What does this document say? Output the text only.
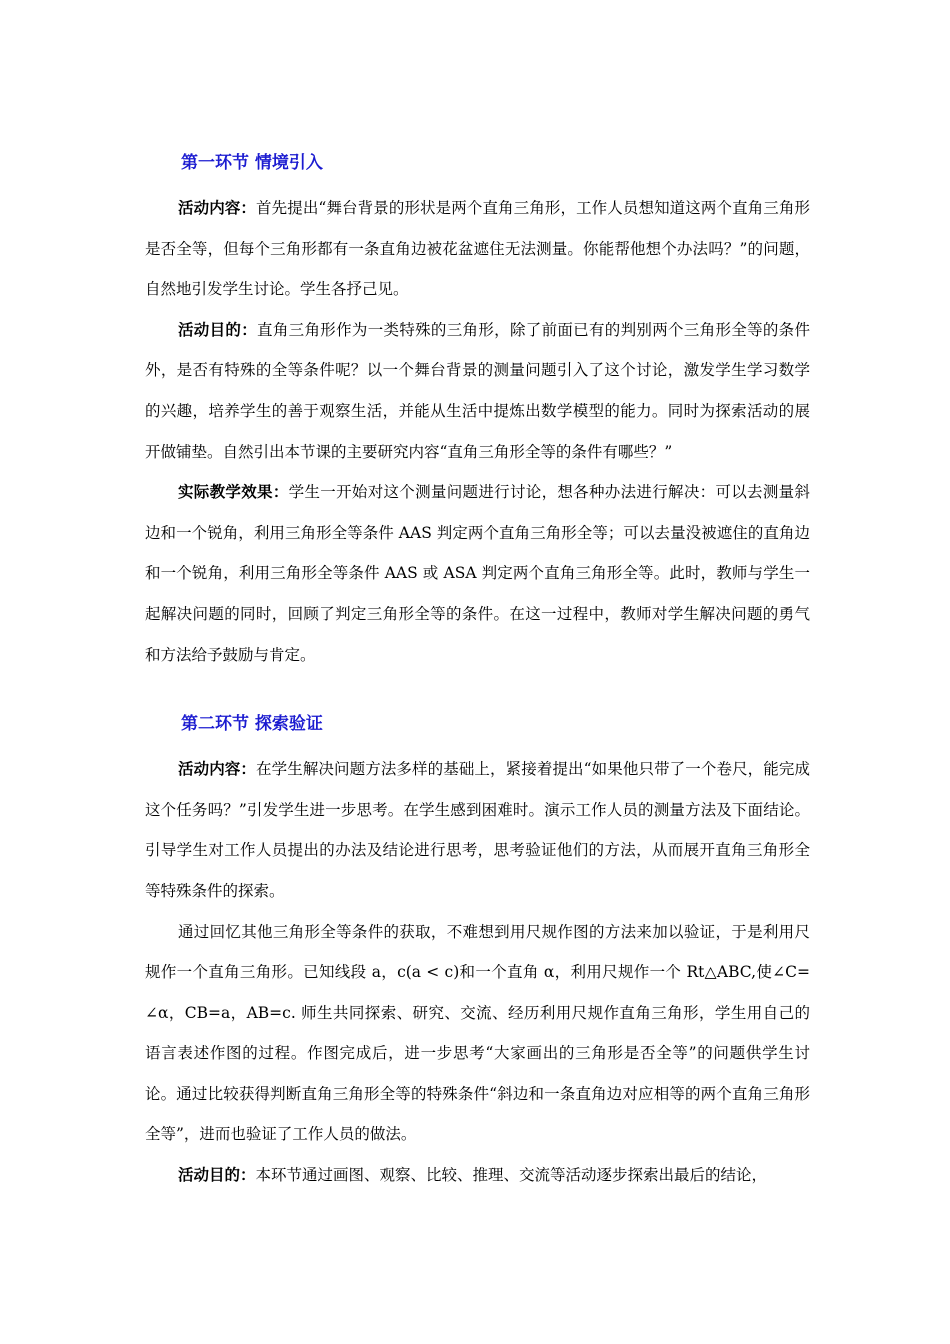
第一环节 情境引入

活动内容：首先提出“舞台背景的形状是两个直角三角形，工作人员想知道这两个直角三角形是否全等，但每个三角形都有一条直角边被花盆遮住无法测量。你能帮他想个办法吗？”的问题，自然地引发学生讨论。学生各抒己见。

活动目的：直角三角形作为一类特殊的三角形，除了前面已有的判别两个三角形全等的条件外，是否有特殊的全等条件呢？以一个舞台背景的测量问题引入了这个讨论，激发学生学习数学的兴趣，培养学生的善于观察生活，并能从生活中提炼出数学模型的能力。同时为探索活动的展开做铺垫。自然引出本节课的主要研究内容“直角三角形全等的条件有哪些？”

实际教学效果：学生一开始对这个测量问题进行讨论，想各种办法进行解决：可以去测量斜边和一个锐角，利用三角形全等条件 AAS 判定两个直角三角形全等；可以去量没被遮住的直角边和一个锐角，利用三角形全等条件 AAS 或 ASA 判定两个直角三角形全等。此时，教师与学生一起解决问题的同时，回顾了判定三角形全等的条件。在这一过程中，教师对学生解决问题的勇气和方法给予鼓励与肯定。

第二环节 探索验证

活动内容：在学生解决问题方法多样的基础上，紧接着提出“如果他只带了一个卷尺，能完成这个任务吗？”引发学生进一步思考。在学生感到困难时。演示工作人员的测量方法及下面结论。引导学生对工作人员提出的办法及结论进行思考，思考验证他们的方法，从而展开直角三角形全等特殊条件的探索。

通过回忆其他三角形全等条件的获取，不难想到用尺规作图的方法来加以验证，于是利用尺规作一个直角三角形。已知线段 a，c(a < c)和一个直角 α，利用尺规作一个 Rt△ABC,使∠C= ∠α，CB=a，AB=c. 师生共同探索、研究、交流、经历利用尺规作直角三角形，学生用自己的语言表述作图的过程。作图完成后，进一步思考“大家画出的三角形是否全等”的问题供学生讨论。通过比较获得判断直角三角形全等的特殊条件“斜边和一条直角边对应相等的两个直角三角形全等”，进而也验证了工作人员的做法。

活动目的：本环节通过画图、观察、比较、推理、交流等活动逐步探索出最后的结论，
